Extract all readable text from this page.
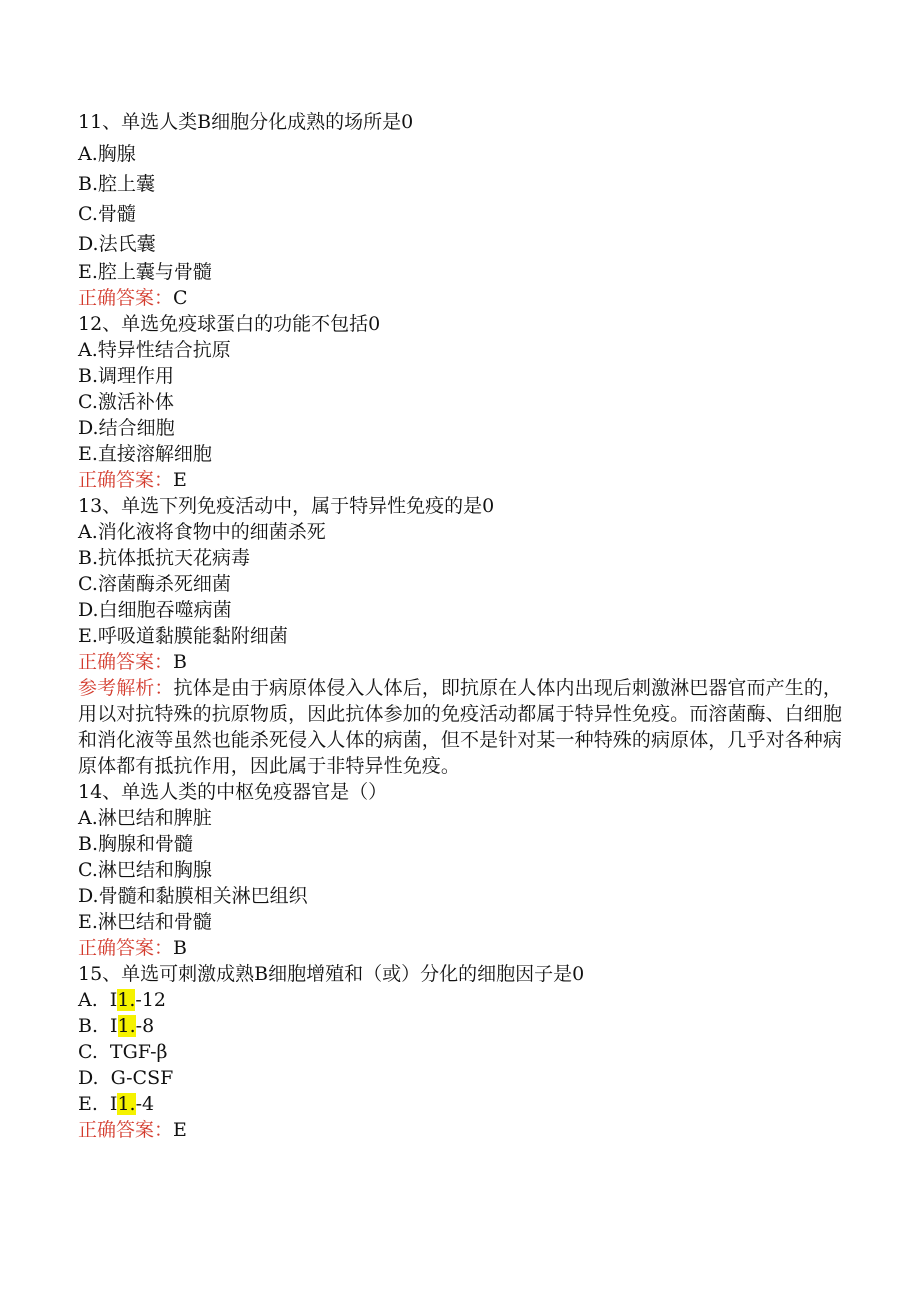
11、单选人类B细胞分化成熟的场所是0
A.胸腺
B.腔上囊
C.骨髓
D.法氏囊
E.腔上囊与骨髓
正确答案：C
12、单选免疫球蛋白的功能不包括0
A.特异性结合抗原
B.调理作用
C.激活补体
D.结合细胞
E.直接溶解细胞
正确答案：E
13、单选下列免疫活动中，属于特异性免疫的是0
A.消化液将食物中的细菌杀死
B.抗体抵抗天花病毒
C.溶菌酶杀死细菌
D.白细胞吞噬病菌
E.呼吸道黏膜能黏附细菌
正确答案：B
参考解析：抗体是由于病原体侵入人体后，即抗原在人体内出现后刺激淋巴器官而产生的，用以对抗特殊的抗原物质，因此抗体参加的免疫活动都属于特异性免疫。而溶菌酶、白细胞和消化液等虽然也能杀死侵入人体的病菌，但不是针对某一种特殊的病原体，几乎对各种病原体都有抵抗作用，因此属于非特异性免疫。
14、单选人类的中枢免疫器官是（）
A.淋巴结和脾脏
B.胸腺和骨髓
C.淋巴结和胸腺
D.骨髓和黏膜相关淋巴组织
E.淋巴结和骨髓
正确答案：B
15、单选可刺激成熟B细胞增殖和（或）分化的细胞因子是0
A. I1.-12
B. I1.-8
C. TGF-β
D. G-CSF
E. I1.-4
正确答案：E
